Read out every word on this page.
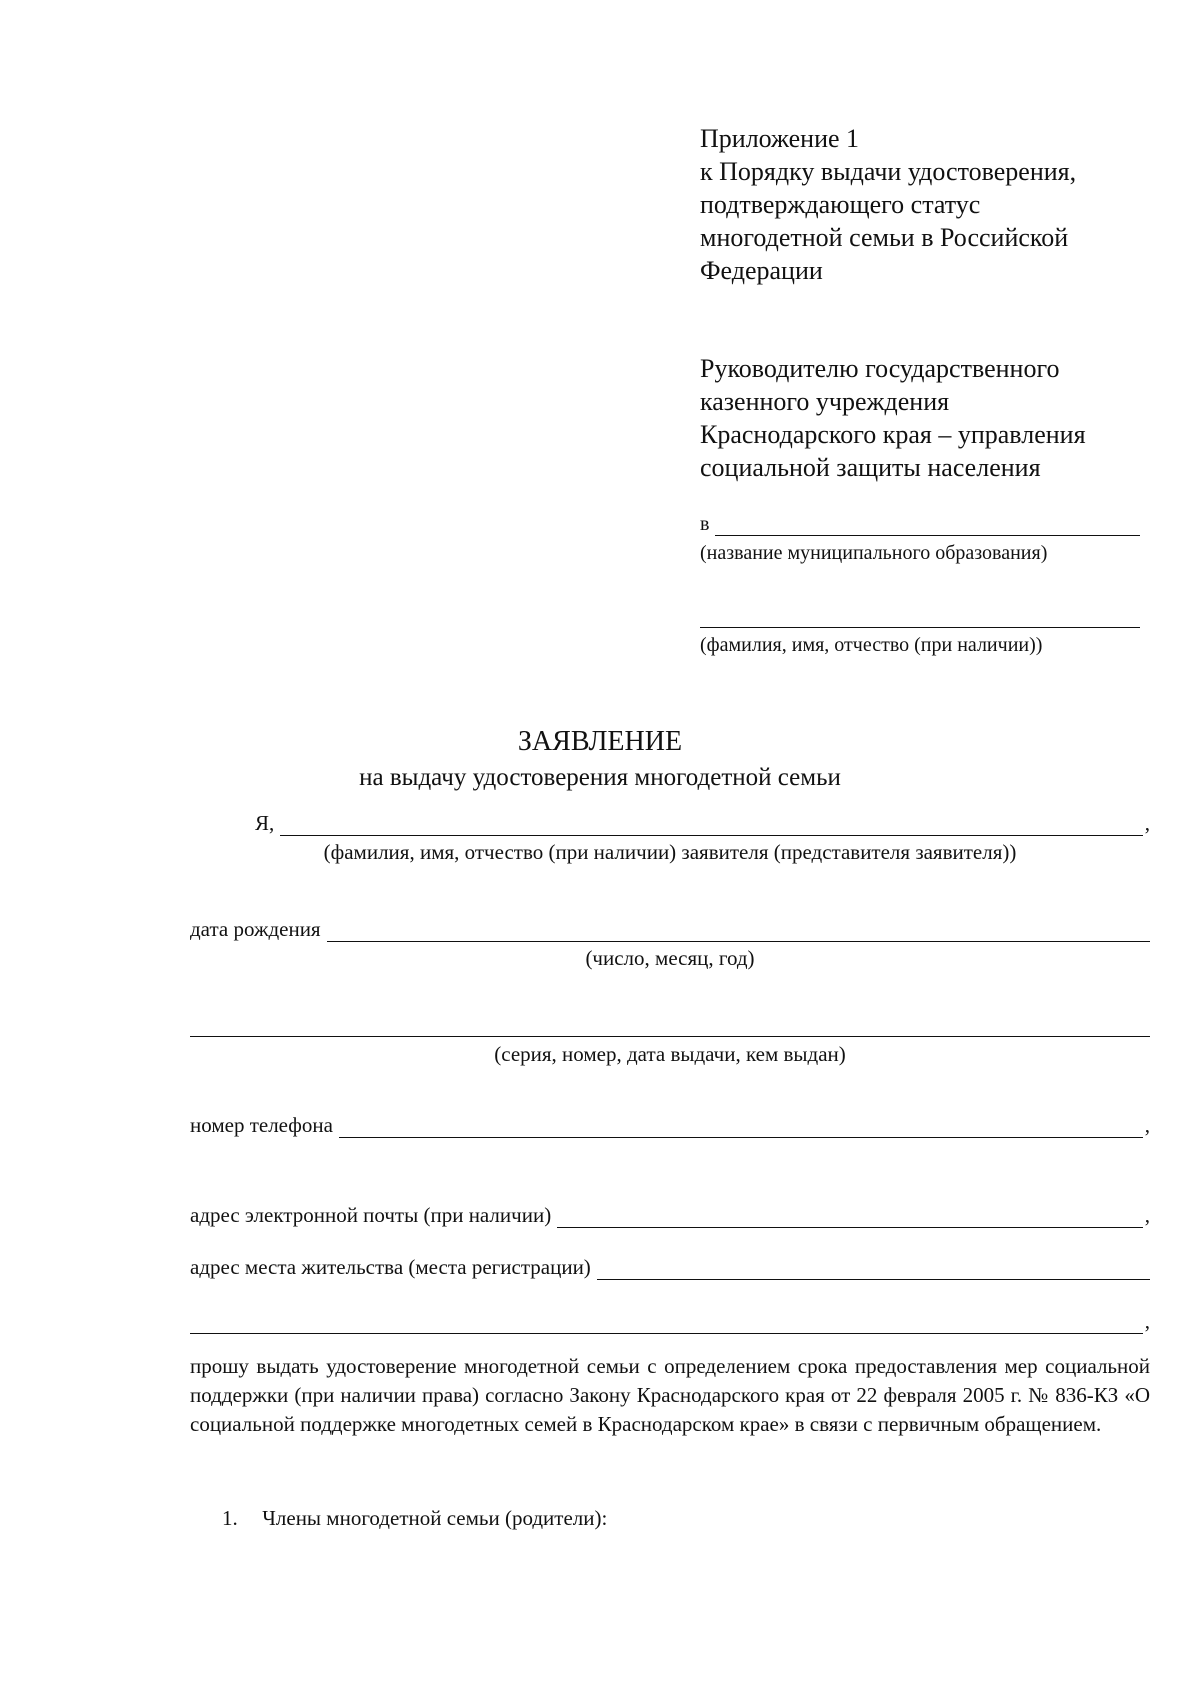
Приложение 1
к Порядку выдачи удостоверения,
подтверждающего статус
многодетной семьи в Российской
Федерации
Руководителю государственного
казенного учреждения
Краснодарского края – управления
социальной защиты населения
в
(название муниципального образования)
(фамилия, имя, отчество (при наличии))
ЗАЯВЛЕНИЕ
на выдачу удостоверения многодетной семьи
Я,	,
(фамилия, имя, отчество (при наличии) заявителя (представителя заявителя))
дата рождения
(число, месяц, год)
(серия, номер, дата выдачи, кем выдан)
номер телефона	,
адрес электронной почты (при наличии)	,
адрес места жительства (места регистрации)
,
прошу выдать удостоверение многодетной семьи с определением срока предоставления мер социальной поддержки (при наличии права) согласно Закону Краснодарского края от 22 февраля 2005 г. № 836-КЗ «О социальной поддержке многодетных семей в Краснодарском крае» в связи с первичным обращением.
1. Члены многодетной семьи (родители):
